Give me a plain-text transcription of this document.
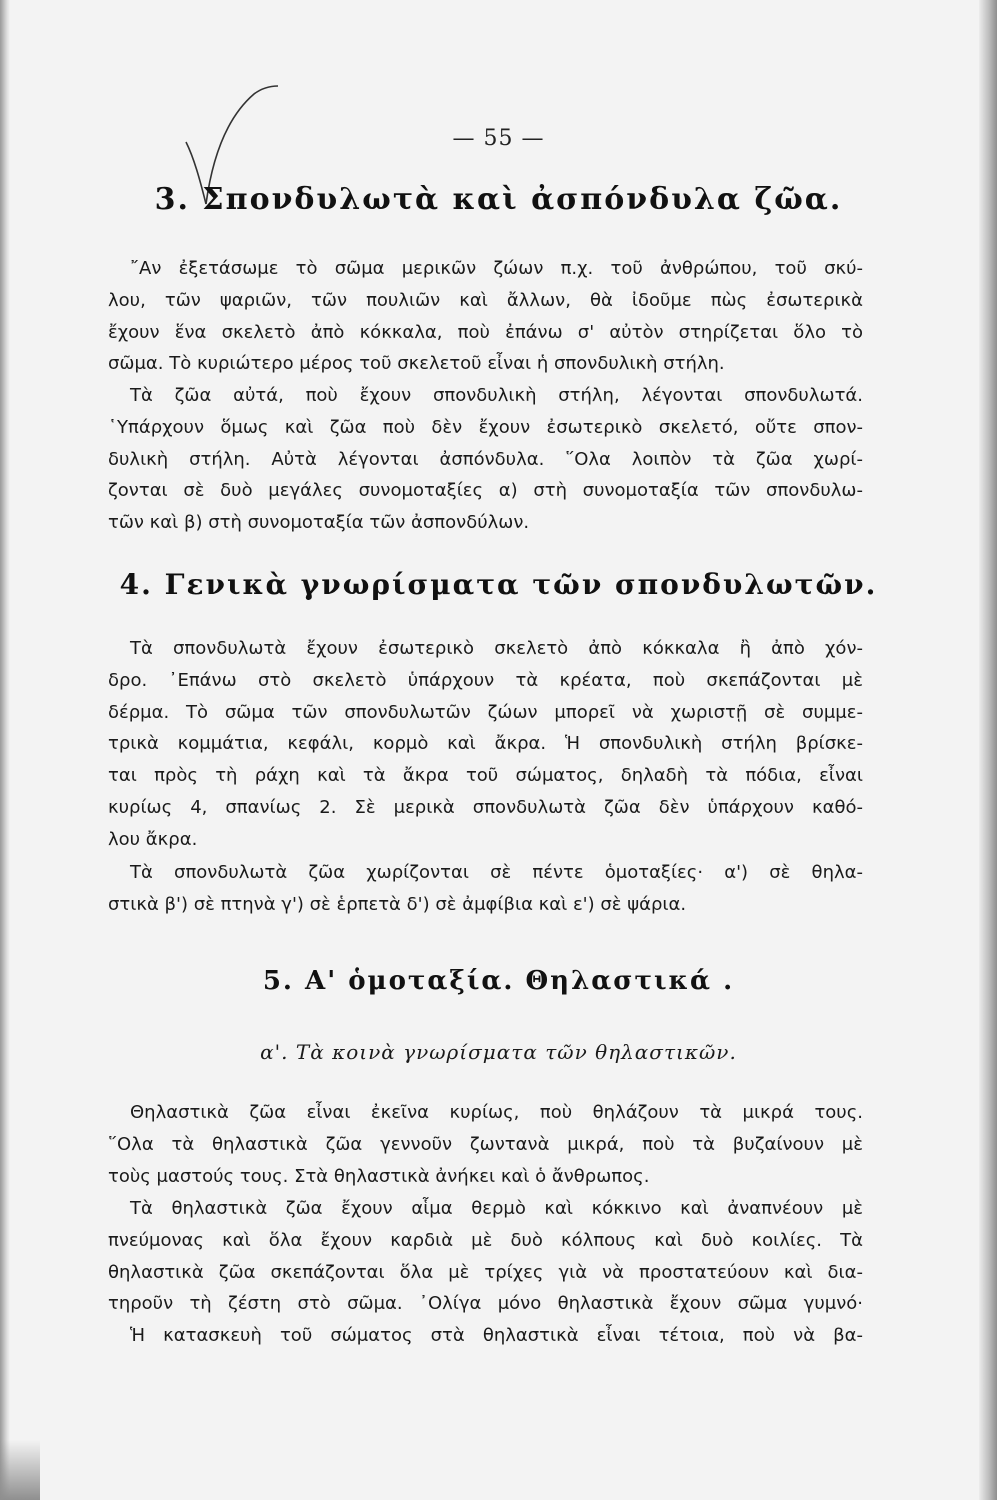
— 55 —
3. Σπονδυλωτὰ καὶ ἀσπόνδυλα ζῶα.
῎Αν ἐξετάσωμε τὸ σῶμα μερικῶν ζώων π.χ. τοῦ ἀνθρώπου, τοῦ σκύ-
λου, τῶν ψαριῶν, τῶν πουλιῶν καὶ ἄλλων, θὰ ἰδοῦμε πὼς ἐσωτερικὰ
ἔχουν ἕνα σκελετὸ ἀπὸ κόκκαλα, ποὺ ἐπάνω σ' αὐτὸν στηρίζεται ὅλο τὸ
σῶμα. Τὸ κυριώτερο μέρος τοῦ σκελετοῦ εἶναι ἡ σπονδυλικὴ στήλη.
Τὰ ζῶα αὐτά, ποὺ ἔχουν σπονδυλικὴ στήλη, λέγονται σπονδυλωτά.
῾Υπάρχουν ὅμως καὶ ζῶα ποὺ δὲν ἔχουν ἐσωτερικὸ σκελετό, οὔτε σπον-
δυλικὴ στήλη. Αὐτὰ λέγονται ἀσπόνδυλα. ῞Ολα λοιπὸν τὰ ζῶα χωρί-
ζονται σὲ δυὸ μεγάλες συνομοταξίες α) στὴ συνομοταξία τῶν σπονδυλω-
τῶν καὶ β) στὴ συνομοταξία τῶν ἀσπονδύλων.
4. Γενικὰ γνωρίσματα τῶν σπονδυλωτῶν.
Τὰ σπονδυλωτὰ ἔχουν ἐσωτερικὸ σκελετὸ ἀπὸ κόκκαλα ἢ ἀπὸ χόν-
δρο. ᾿Επάνω στὸ σκελετὸ ὑπάρχουν τὰ κρέατα, ποὺ σκεπάζονται μὲ
δέρμα. Τὸ σῶμα τῶν σπονδυλωτῶν ζώων μπορεῖ νὰ χωριστῇ σὲ συμμε-
τρικὰ κομμάτια, κεφάλι, κορμὸ καὶ ἄκρα. Ἡ σπονδυλικὴ στήλη βρίσκε-
ται πρὸς τὴ ράχη καὶ τὰ ἄκρα τοῦ σώματος, δηλαδὴ τὰ πόδια, εἶναι
κυρίως 4, σπανίως 2. Σὲ μερικὰ σπονδυλωτὰ ζῶα δὲν ὑπάρχουν καθό-
λου ἄκρα.
Τὰ σπονδυλωτὰ ζῶα χωρίζονται σὲ πέντε ὁμοταξίες· α') σὲ θηλα-
στικὰ β') σὲ πτηνὰ γ') σὲ ἑρπετὰ δ') σὲ ἀμφίβια καὶ ε') σὲ ψάρια.
5. Α' ὁμοταξία. Θηλαστικά .
α'. Τὰ κοινὰ γνωρίσματα τῶν θηλαστικῶν.
Θηλαστικὰ ζῶα εἶναι ἐκεῖνα κυρίως, ποὺ θηλάζουν τὰ μικρά τους.
῞Ολα τὰ θηλαστικὰ ζῶα γεννοῦν ζωντανὰ μικρά, ποὺ τὰ βυζαίνουν μὲ
τοὺς μαστούς τους. Στὰ θηλαστικὰ ἀνήκει καὶ ὁ ἄνθρωπος.
Τὰ θηλαστικὰ ζῶα ἔχουν αἷμα θερμὸ καὶ κόκκινο καὶ ἀναπνέουν μὲ
πνεύμονας καὶ ὅλα ἔχουν καρδιὰ μὲ δυὸ κόλπους καὶ δυὸ κοιλίες. Τὰ
θηλαστικὰ ζῶα σκεπάζονται ὅλα μὲ τρίχες γιὰ νὰ προστατεύουν καὶ δια-
τηροῦν τὴ ζέστη στὸ σῶμα. ᾿Ολίγα μόνο θηλαστικὰ ἔχουν σῶμα γυμνό·
Ἡ κατασκευὴ τοῦ σώματος στὰ θηλαστικὰ εἶναι τέτοια, ποὺ νὰ βα-
